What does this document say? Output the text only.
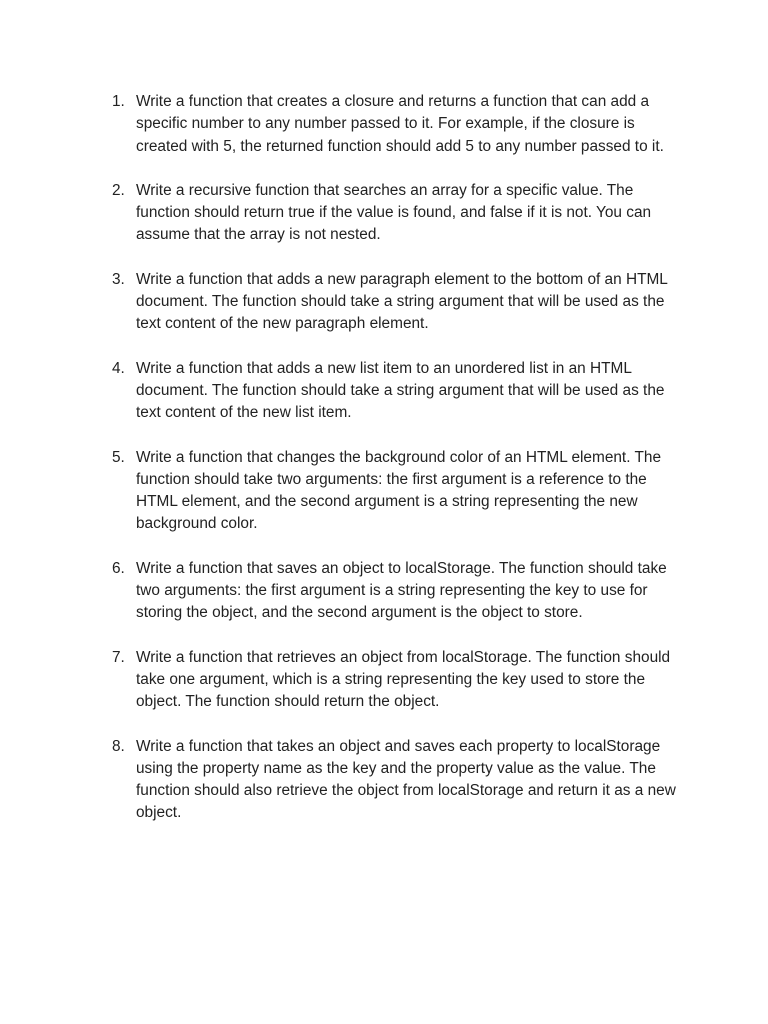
1. Write a function that creates a closure and returns a function that can add a specific number to any number passed to it. For example, if the closure is created with 5, the returned function should add 5 to any number passed to it.
2. Write a recursive function that searches an array for a specific value. The function should return true if the value is found, and false if it is not. You can assume that the array is not nested.
3. Write a function that adds a new paragraph element to the bottom of an HTML document. The function should take a string argument that will be used as the text content of the new paragraph element.
4. Write a function that adds a new list item to an unordered list in an HTML document. The function should take a string argument that will be used as the text content of the new list item.
5. Write a function that changes the background color of an HTML element. The function should take two arguments: the first argument is a reference to the HTML element, and the second argument is a string representing the new background color.
6. Write a function that saves an object to localStorage. The function should take two arguments: the first argument is a string representing the key to use for storing the object, and the second argument is the object to store.
7. Write a function that retrieves an object from localStorage. The function should take one argument, which is a string representing the key used to store the object. The function should return the object.
8. Write a function that takes an object and saves each property to localStorage using the property name as the key and the property value as the value. The function should also retrieve the object from localStorage and return it as a new object.
